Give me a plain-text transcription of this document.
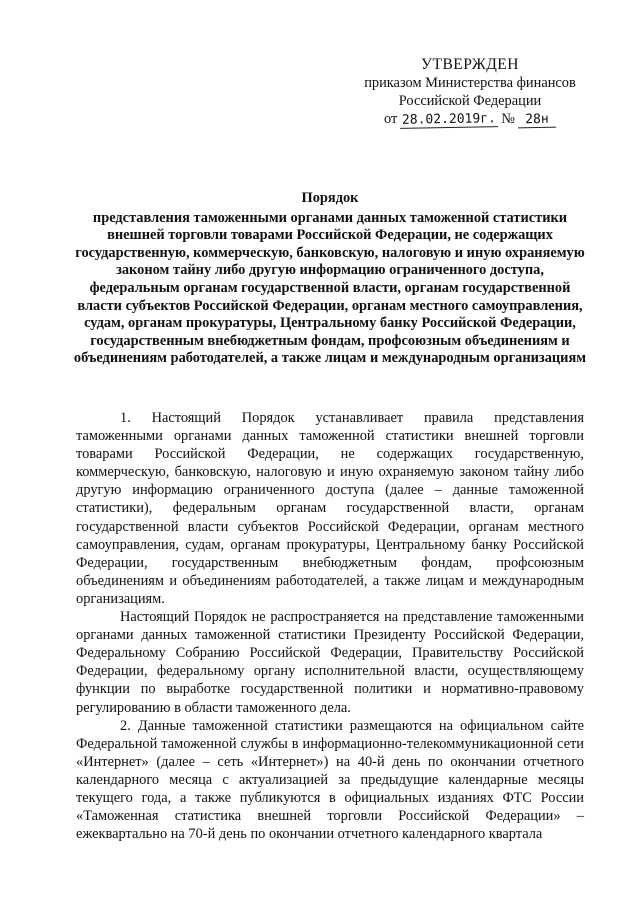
УТВЕРЖДЕН
приказом Министерства финансов
Российской Федерации
от 28.02.2019г. № 28н
Порядок
представления таможенными органами данных таможенной статистики внешней торговли товарами Российской Федерации, не содержащих государственную, коммерческую, банковскую, налоговую и иную охраняемую законом тайну либо другую информацию ограниченного доступа, федеральным органам государственной власти, органам государственной власти субъектов Российской Федерации, органам местного самоуправления, судам, органам прокуратуры, Центральному банку Российской Федерации, государственным внебюджетным фондам, профсоюзным объединениям и объединениям работодателей, а также лицам и международным организациям

1. Настоящий Порядок устанавливает правила представления таможенными органами данных таможенной статистики внешней торговли товарами Российской Федерации, не содержащих государственную, коммерческую, банковскую, налоговую и иную охраняемую законом тайну либо другую информацию ограниченного доступа (далее – данные таможенной статистики), федеральным органам государственной власти, органам государственной власти субъектов Российской Федерации, органам местного самоуправления, судам, органам прокуратуры, Центральному банку Российской Федерации, государственным внебюджетным фондам, профсоюзным объединениям и объединениям работодателей, а также лицам и международным организациям.

Настоящий Порядок не распространяется на представление таможенными органами данных таможенной статистики Президенту Российской Федерации, Федеральному Собранию Российской Федерации, Правительству Российской Федерации, федеральному органу исполнительной власти, осуществляющему функции по выработке государственной политики и нормативно-правовому регулированию в области таможенного дела.

2. Данные таможенной статистики размещаются на официальном сайте Федеральной таможенной службы в информационно-телекоммуникационной сети «Интернет» (далее – сеть «Интернет») на 40-й день по окончании отчетного календарного месяца с актуализацией за предыдущие календарные месяцы текущего года, а также публикуются в официальных изданиях ФТС России «Таможенная статистика внешней торговли Российской Федерации» – ежеквартально на 70-й день по окончании отчетного календарного квартала
